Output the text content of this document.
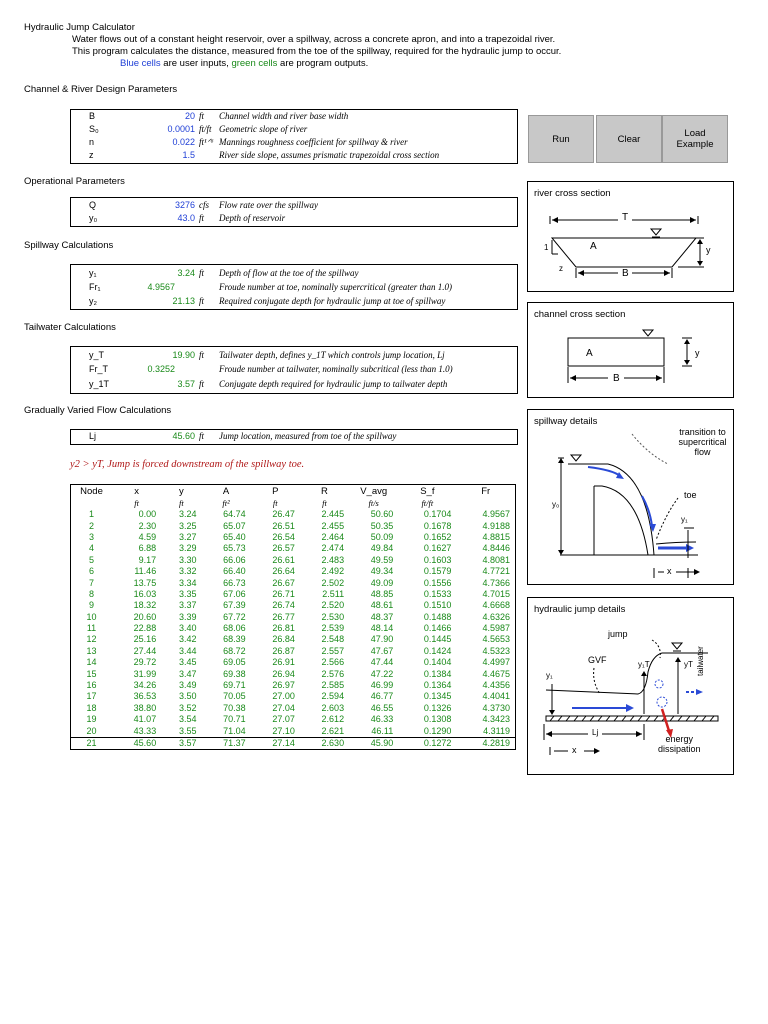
Hydraulic Jump Calculator
Water flows out of a constant height reservoir, over a spillway, across a concrete apron, and into a trapezoidal river.
This program calculates the distance, measured from the toe of the spillway, required for the hydraulic jump to occur.
Blue cells are user inputs, green cells are program outputs.
Channel & River Design Parameters
Operational Parameters
Spillway Calculations
Tailwater Calculations
Gradually Varied Flow Calculations
B	20 ft Channel width and river base width
S₀	0.0001 ft/ft Geometric slope of river
n	0.022 ft¹ᐟ⁶ Mannings roughness coefficient for spillway & river
z	1.5	River side slope, assumes prismatic trapezoidal cross section
Q	3276 cfs Flow rate over the spillway
y₀	43.0 ft Depth of reservoir
y₁	3.24 ft Depth of flow at the toe of the spillway
Fr₁	4.9567	Froude number at toe, nominally supercritical (greater than 1.0)
y₂	21.13 ft Required conjugate depth for hydraulic jump at toe of spillway
y_T	19.90 ft Tailwater depth, defines y_1T which controls jump location, Lj
Fr_T	0.3252	Froude number at tailwater, nominally subcritical (less than 1.0)
y_1T	3.57 ft Conjugate depth required for hydraulic jump to tailwater depth
Lj	45.60 ft Jump location, measured from toe of the spillway
y2 > yT, Jump is forced downstream of the spillway toe.
Run	Clear	Load
Example
Node	x	y	A	P	R	V_avg	S_f	Fr
	ft	ft	ft²	ft	ft	ft/s	ft/ft	
1	0.00	3.24	64.74	26.47	2.445	50.60	0.1704	4.9567
2	2.30	3.25	65.07	26.51	2.455	50.35	0.1678	4.9188
3	4.59	3.27	65.40	26.54	2.464	50.09	0.1652	4.8815
4	6.88	3.29	65.73	26.57	2.474	49.84	0.1627	4.8446
5	9.17	3.30	66.06	26.61	2.483	49.59	0.1603	4.8081
6	11.46	3.32	66.40	26.64	2.492	49.34	0.1579	4.7721
7	13.75	3.34	66.73	26.67	2.502	49.09	0.1556	4.7366
8	16.03	3.35	67.06	26.71	2.511	48.85	0.1533	4.7015
9	18.32	3.37	67.39	26.74	2.520	48.61	0.1510	4.6668
10	20.60	3.39	67.72	26.77	2.530	48.37	0.1488	4.6326
11	22.88	3.40	68.06	26.81	2.539	48.14	0.1466	4.5987
12	25.16	3.42	68.39	26.84	2.548	47.90	0.1445	4.5653
13	27.44	3.44	68.72	26.87	2.557	47.67	0.1424	4.5323
14	29.72	3.45	69.05	26.91	2.566	47.44	0.1404	4.4997
15	31.99	3.47	69.38	26.94	2.576	47.22	0.1384	4.4675
16	34.26	3.49	69.71	26.97	2.585	46.99	0.1364	4.4356
17	36.53	3.50	70.05	27.00	2.594	46.77	0.1345	4.4041
18	38.80	3.52	70.38	27.04	2.603	46.55	0.1326	4.3730
19	41.07	3.54	70.71	27.07	2.612	46.33	0.1308	4.3423
20	43.33	3.55	71.04	27.10	2.621	46.11	0.1290	4.3119
21	45.60	3.57	71.37	27.14	2.630	45.90	0.1272	4.2819
river cross section
T
A	y
1
z	B
channel cross section
A	y
B
spillway details
transition to
supercritical flow
toe
y₀
y₁
x
hydraulic jump details
jump
GVF
y₁
y₁T	yT tailwater
Lj
x
energy
dissipation
